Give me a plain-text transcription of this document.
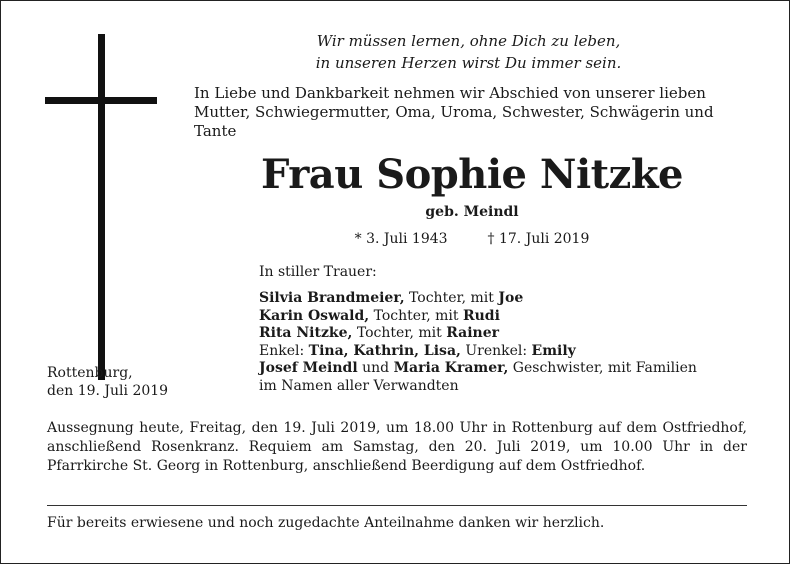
Wir müssen lernen, ohne Dich zu leben,
in unseren Herzen wirst Du immer sein.
In Liebe und Dankbarkeit nehmen wir Abschied von unserer lieben Mutter, Schwiegermutter, Oma, Uroma, Schwester, Schwägerin und Tante
Frau Sophie Nitzke
geb. Meindl
* 3. Juli 1943	† 17. Juli 2019
In stiller Trauer:
Silvia Brandmeier, Tochter, mit Joe
Karin Oswald, Tochter, mit Rudi
Rita Nitzke, Tochter, mit Rainer
Enkel: Tina, Kathrin, Lisa, Urenkel: Emily
Josef Meindl und Maria Kramer, Geschwister, mit Familien
im Namen aller Verwandten
Rottenburg,
den 19. Juli 2019
Aussegnung heute, Freitag, den 19. Juli 2019, um 18.00 Uhr in Rottenburg auf dem Ostfriedhof, anschließend Rosenkranz. Requiem am Samstag, den 20. Juli 2019, um 10.00 Uhr in der Pfarrkirche St. Georg in Rottenburg, anschließend Beerdigung auf dem Ostfriedhof.
Für bereits erwiesene und noch zugedachte Anteilnahme danken wir herzlich.
